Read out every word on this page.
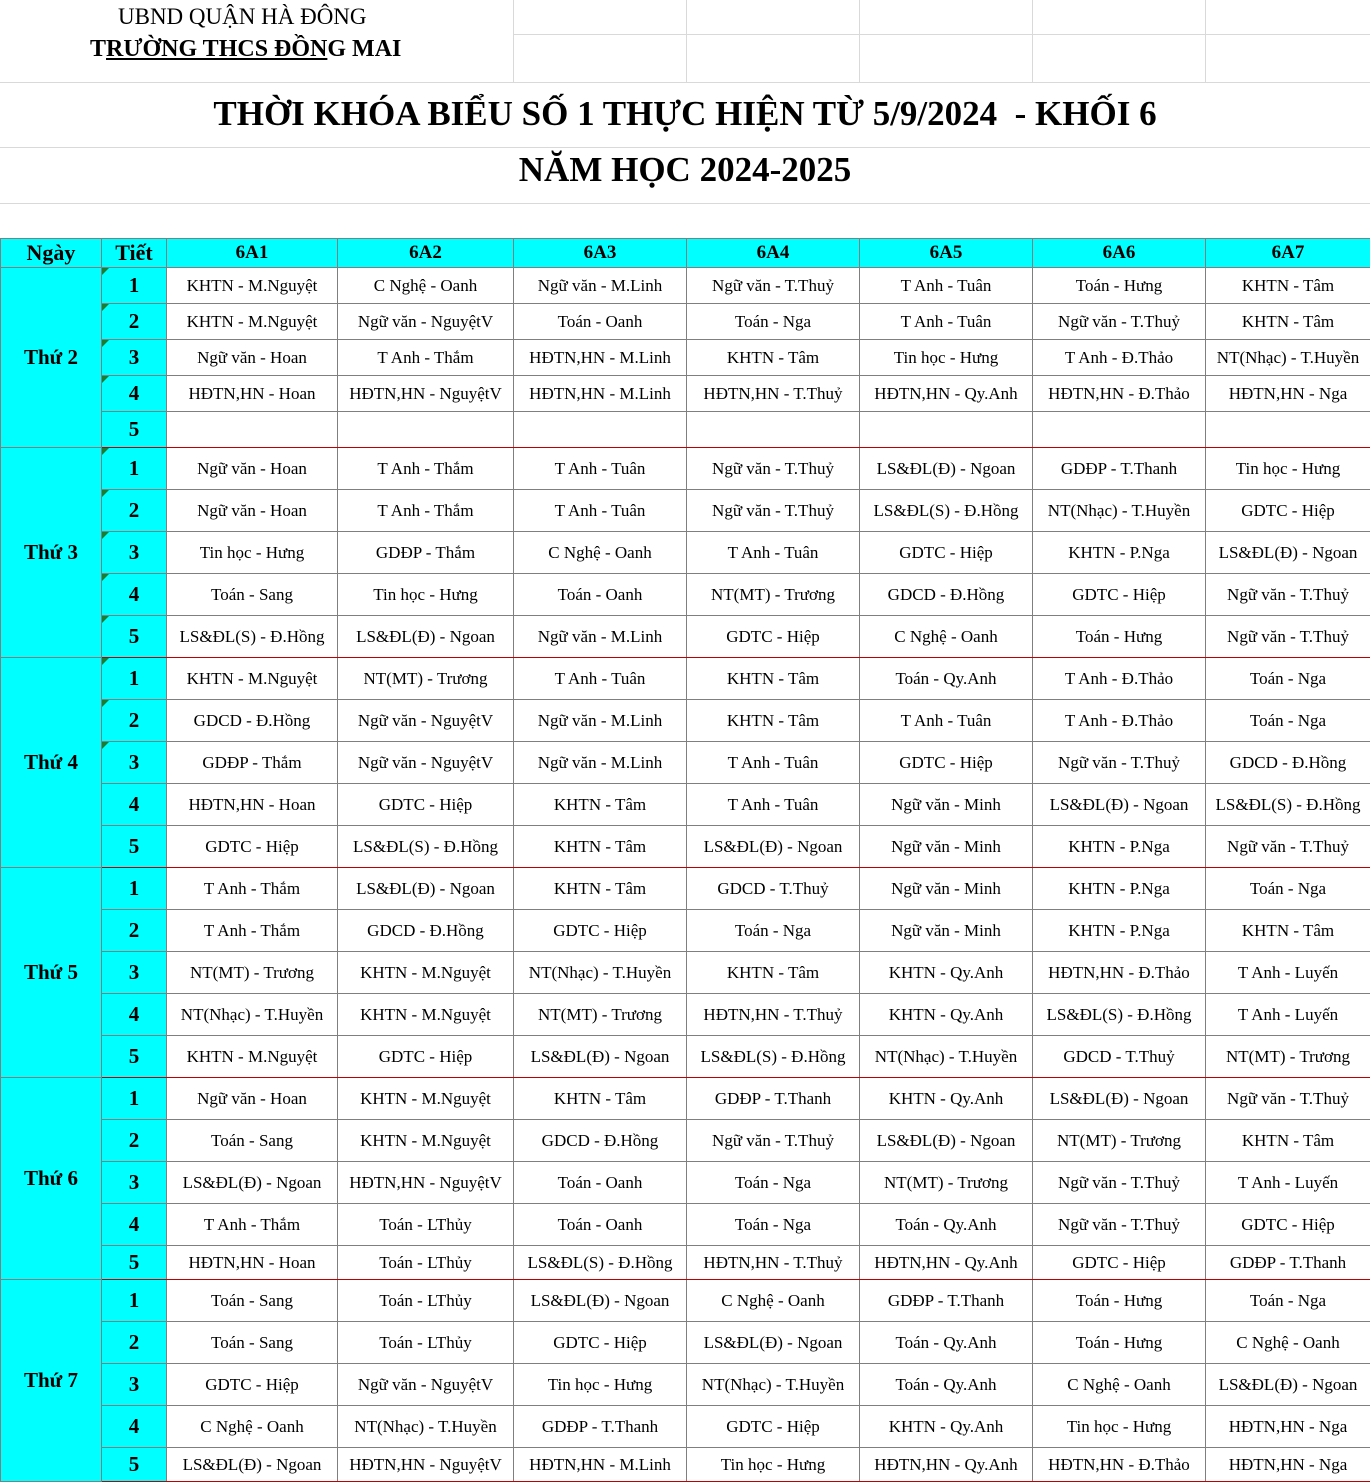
UBND QUẬN HÀ ĐÔNG
TRƯỜNG THCS ĐỒNG MAI
THỜI KHÓA BIỂU SỐ 1 THỰC HIỆN TỪ 5/9/2024  - KHỐI 6
NĂM HỌC 2024-2025
Ngày	Tiết	6A1	6A2	6A3	6A4	6A5	6A6	6A7
Thứ 2	1	KHTN - M.Nguyệt	C Nghệ - Oanh	Ngữ văn - M.Linh	Ngữ văn - T.Thuỷ	T Anh - Tuân	Toán - Hưng	KHTN - Tâm
	2	KHTN - M.Nguyệt	Ngữ văn - NguyệtV	Toán - Oanh	Toán - Nga	T Anh - Tuân	Ngữ văn - T.Thuỷ	KHTN - Tâm
	3	Ngữ văn - Hoan	T Anh - Thắm	HĐTN,HN - M.Linh	KHTN - Tâm	Tin học - Hưng	T Anh - Đ.Thảo	NT(Nhạc) - T.Huyền
	4	HĐTN,HN - Hoan	HĐTN,HN - NguyệtV	HĐTN,HN - M.Linh	HĐTN,HN - T.Thuỷ	HĐTN,HN - Qy.Anh	HĐTN,HN - Đ.Thảo	HĐTN,HN - Nga
	5							
Thứ 3	1	Ngữ văn - Hoan	T Anh - Thắm	T Anh - Tuân	Ngữ văn - T.Thuỷ	LS&ĐL(Đ) - Ngoan	GDĐP - T.Thanh	Tin học - Hưng
	2	Ngữ văn - Hoan	T Anh - Thắm	T Anh - Tuân	Ngữ văn - T.Thuỷ	LS&ĐL(S) - Đ.Hồng	NT(Nhạc) - T.Huyền	GDTC - Hiệp
	3	Tin học - Hưng	GDĐP - Thắm	C Nghệ - Oanh	T Anh - Tuân	GDTC - Hiệp	KHTN - P.Nga	LS&ĐL(Đ) - Ngoan
	4	Toán - Sang	Tin học - Hưng	Toán - Oanh	NT(MT) - Trương	GDCD - Đ.Hồng	GDTC - Hiệp	Ngữ văn - T.Thuỷ
	5	LS&ĐL(S) - Đ.Hồng	LS&ĐL(Đ) - Ngoan	Ngữ văn - M.Linh	GDTC - Hiệp	C Nghệ - Oanh	Toán - Hưng	Ngữ văn - T.Thuỷ
Thứ 4	1	KHTN - M.Nguyệt	NT(MT) - Trương	T Anh - Tuân	KHTN - Tâm	Toán - Qy.Anh	T Anh - Đ.Thảo	Toán - Nga
	2	GDCD - Đ.Hồng	Ngữ văn - NguyệtV	Ngữ văn - M.Linh	KHTN - Tâm	T Anh - Tuân	T Anh - Đ.Thảo	Toán - Nga
	3	GDĐP - Thắm	Ngữ văn - NguyệtV	Ngữ văn - M.Linh	T Anh - Tuân	GDTC - Hiệp	Ngữ văn - T.Thuỷ	GDCD - Đ.Hồng
	4	HĐTN,HN - Hoan	GDTC - Hiệp	KHTN - Tâm	T Anh - Tuân	Ngữ văn - Minh	LS&ĐL(Đ) - Ngoan	LS&ĐL(S) - Đ.Hồng
	5	GDTC - Hiệp	LS&ĐL(S) - Đ.Hồng	KHTN - Tâm	LS&ĐL(Đ) - Ngoan	Ngữ văn - Minh	KHTN - P.Nga	Ngữ văn - T.Thuỷ
Thứ 5	1	T Anh - Thắm	LS&ĐL(Đ) - Ngoan	KHTN - Tâm	GDCD - T.Thuỷ	Ngữ văn - Minh	KHTN - P.Nga	Toán - Nga
	2	T Anh - Thắm	GDCD - Đ.Hồng	GDTC - Hiệp	Toán - Nga	Ngữ văn - Minh	KHTN - P.Nga	KHTN - Tâm
	3	NT(MT) - Trương	KHTN - M.Nguyệt	NT(Nhạc) - T.Huyền	KHTN - Tâm	KHTN - Qy.Anh	HĐTN,HN - Đ.Thảo	T Anh - Luyến
	4	NT(Nhạc) - T.Huyền	KHTN - M.Nguyệt	NT(MT) - Trương	HĐTN,HN - T.Thuỷ	KHTN - Qy.Anh	LS&ĐL(S) - Đ.Hồng	T Anh - Luyến
	5	KHTN - M.Nguyệt	GDTC - Hiệp	LS&ĐL(Đ) - Ngoan	LS&ĐL(S) - Đ.Hồng	NT(Nhạc) - T.Huyền	GDCD - T.Thuỷ	NT(MT) - Trương
Thứ 6	1	Ngữ văn - Hoan	KHTN - M.Nguyệt	KHTN - Tâm	GDĐP - T.Thanh	KHTN - Qy.Anh	LS&ĐL(Đ) - Ngoan	Ngữ văn - T.Thuỷ
	2	Toán - Sang	KHTN - M.Nguyệt	GDCD - Đ.Hồng	Ngữ văn - T.Thuỷ	LS&ĐL(Đ) - Ngoan	NT(MT) - Trương	KHTN - Tâm
	3	LS&ĐL(Đ) - Ngoan	HĐTN,HN - NguyệtV	Toán - Oanh	Toán - Nga	NT(MT) - Trương	Ngữ văn - T.Thuỷ	T Anh - Luyến
	4	T Anh - Thắm	Toán - LThủy	Toán - Oanh	Toán - Nga	Toán - Qy.Anh	Ngữ văn - T.Thuỷ	GDTC - Hiệp
	5	HĐTN,HN - Hoan	Toán - LThủy	LS&ĐL(S) - Đ.Hồng	HĐTN,HN - T.Thuỷ	HĐTN,HN - Qy.Anh	GDTC - Hiệp	GDĐP - T.Thanh
Thứ 7	1	Toán - Sang	Toán - LThủy	LS&ĐL(Đ) - Ngoan	C Nghệ - Oanh	GDĐP - T.Thanh	Toán - Hưng	Toán - Nga
	2	Toán - Sang	Toán - LThủy	GDTC - Hiệp	LS&ĐL(Đ) - Ngoan	Toán - Qy.Anh	Toán - Hưng	C Nghệ - Oanh
	3	GDTC - Hiệp	Ngữ văn - NguyệtV	Tin học - Hưng	NT(Nhạc) - T.Huyền	Toán - Qy.Anh	C Nghệ - Oanh	LS&ĐL(Đ) - Ngoan
	4	C Nghệ - Oanh	NT(Nhạc) - T.Huyền	GDĐP - T.Thanh	GDTC - Hiệp	KHTN - Qy.Anh	Tin học - Hưng	HĐTN,HN - Nga
	5	LS&ĐL(Đ) - Ngoan	HĐTN,HN - NguyệtV	HĐTN,HN - M.Linh	Tin học - Hưng	HĐTN,HN - Qy.Anh	HĐTN,HN - Đ.Thảo	HĐTN,HN - Nga
